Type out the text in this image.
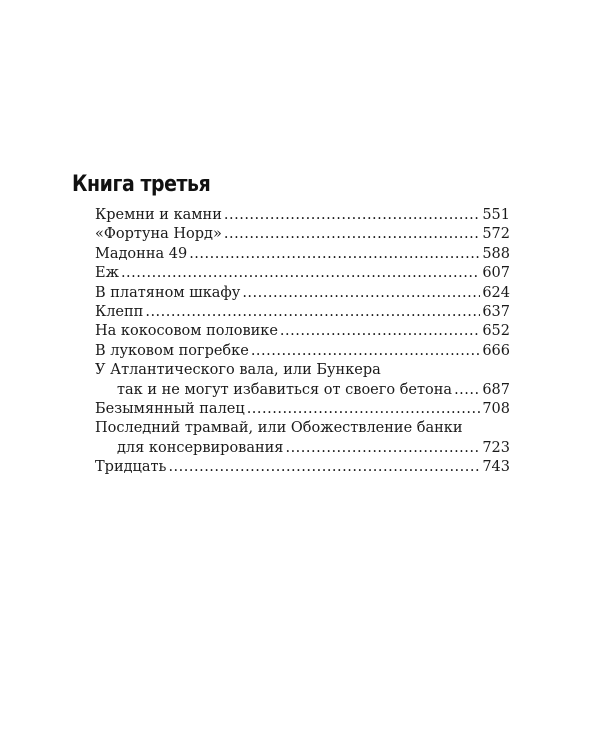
Книга третья
Кремни и камни .....	551
«Фортуна Норд» .....	572
Мадонна 49 .....	588
Еж .....	607
В платяном шкафу .....	624
Клепп .....	637
На кокосовом половике .....	652
В луковом погребке .....	666
У Атлантического вала, или Бункера
так и не могут избавиться от своего бетона ..... 687
Безымянный палец .....	708
Последний трамвай, или Обожествление банки
для консервирования .....	723
Тридцать .....	743
